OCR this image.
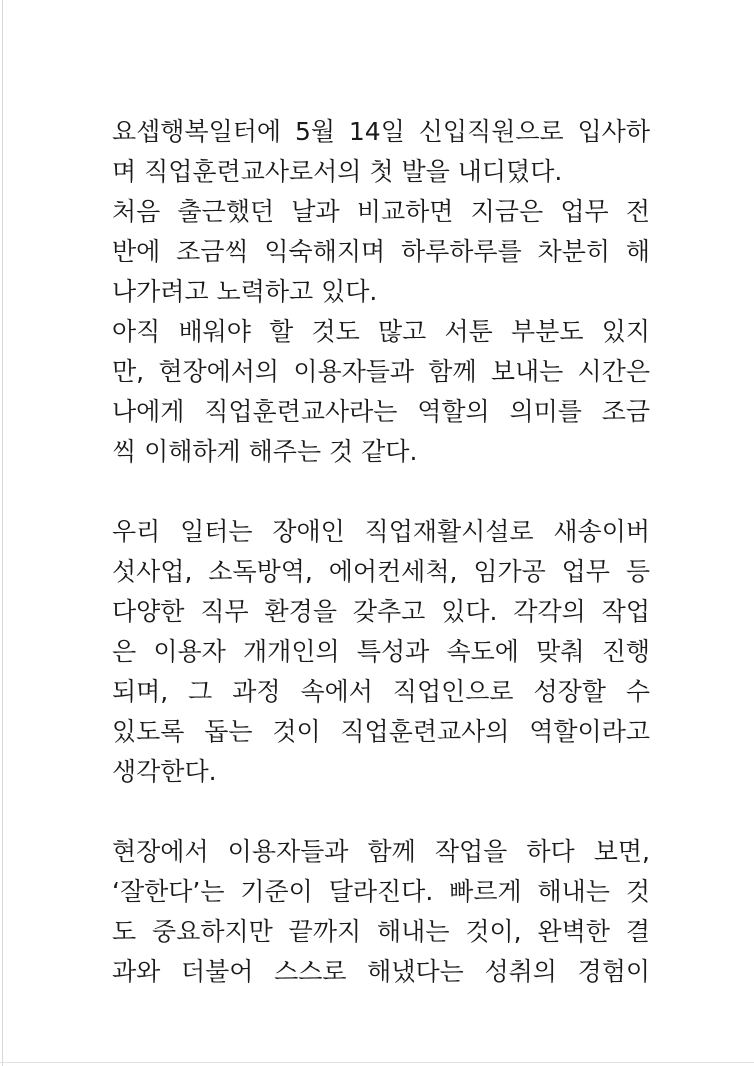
요셉행복일터에 5월 14일 신입직원으로 입사하
며 직업훈련교사로서의 첫 발을 내디뎠다.
처음 출근했던 날과 비교하면 지금은 업무 전
반에 조금씩 익숙해지며 하루하루를 차분히 해
나가려고 노력하고 있다.
아직 배워야 할 것도 많고 서툰 부분도 있지
만, 현장에서의 이용자들과 함께 보내는 시간은
나에게 직업훈련교사라는 역할의 의미를 조금
씩 이해하게 해주는 것 같다.
우리 일터는 장애인 직업재활시설로 새송이버
섯사업, 소독방역, 에어컨세척, 임가공 업무 등
다양한 직무 환경을 갖추고 있다. 각각의 작업
은 이용자 개개인의 특성과 속도에 맞춰 진행
되며, 그 과정 속에서 직업인으로 성장할 수
있도록 돕는 것이 직업훈련교사의 역할이라고
생각한다.
현장에서 이용자들과 함께 작업을 하다 보면,
‘잘한다’는 기준이 달라진다. 빠르게 해내는 것
도 중요하지만 끝까지 해내는 것이, 완벽한 결
과와 더불어 스스로 해냈다는 성취의 경험이
